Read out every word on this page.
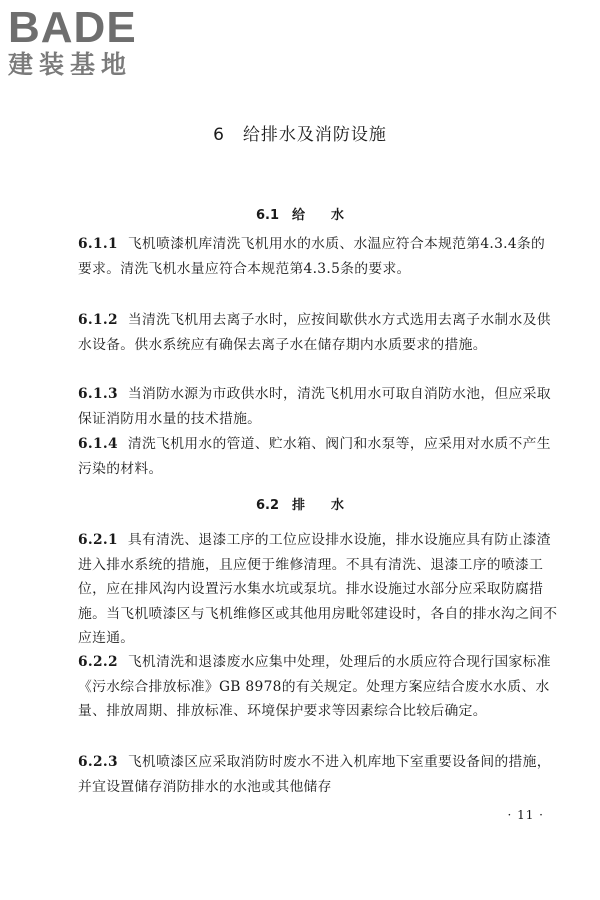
BADE
建装基地
6　给排水及消防设施
6.1　给　　水
6.1.1 飞机喷漆机库清洗飞机用水的水质、水温应符合本规范第4.3.4条的要求。清洗飞机水量应符合本规范第4.3.5条的要求。
6.1.2 当清洗飞机用去离子水时，应按间歇供水方式选用去离子水制水及供水设备。供水系统应有确保去离子水在储存期内水质要求的措施。
6.1.3 当消防水源为市政供水时，清洗飞机用水可取自消防水池，但应采取保证消防用水量的技术措施。
6.1.4 清洗飞机用水的管道、贮水箱、阀门和水泵等，应采用对水质不产生污染的材料。
6.2　排　　水
6.2.1 具有清洗、退漆工序的工位应设排水设施，排水设施应具有防止漆渣进入排水系统的措施，且应便于维修清理。不具有清洗、退漆工序的喷漆工位，应在排风沟内设置污水集水坑或泵坑。排水设施过水部分应采取防腐措施。当飞机喷漆区与飞机维修区或其他用房毗邻建设时，各自的排水沟之间不应连通。
6.2.2 飞机清洗和退漆废水应集中处理，处理后的水质应符合现行国家标准《污水综合排放标准》GB 8978的有关规定。处理方案应结合废水水质、水量、排放周期、排放标准、环境保护要求等因素综合比较后确定。
6.2.3 飞机喷漆区应采取消防时废水不进入机库地下室重要设备间的措施，并宜设置储存消防排水的水池或其他储存
· 11 ·
